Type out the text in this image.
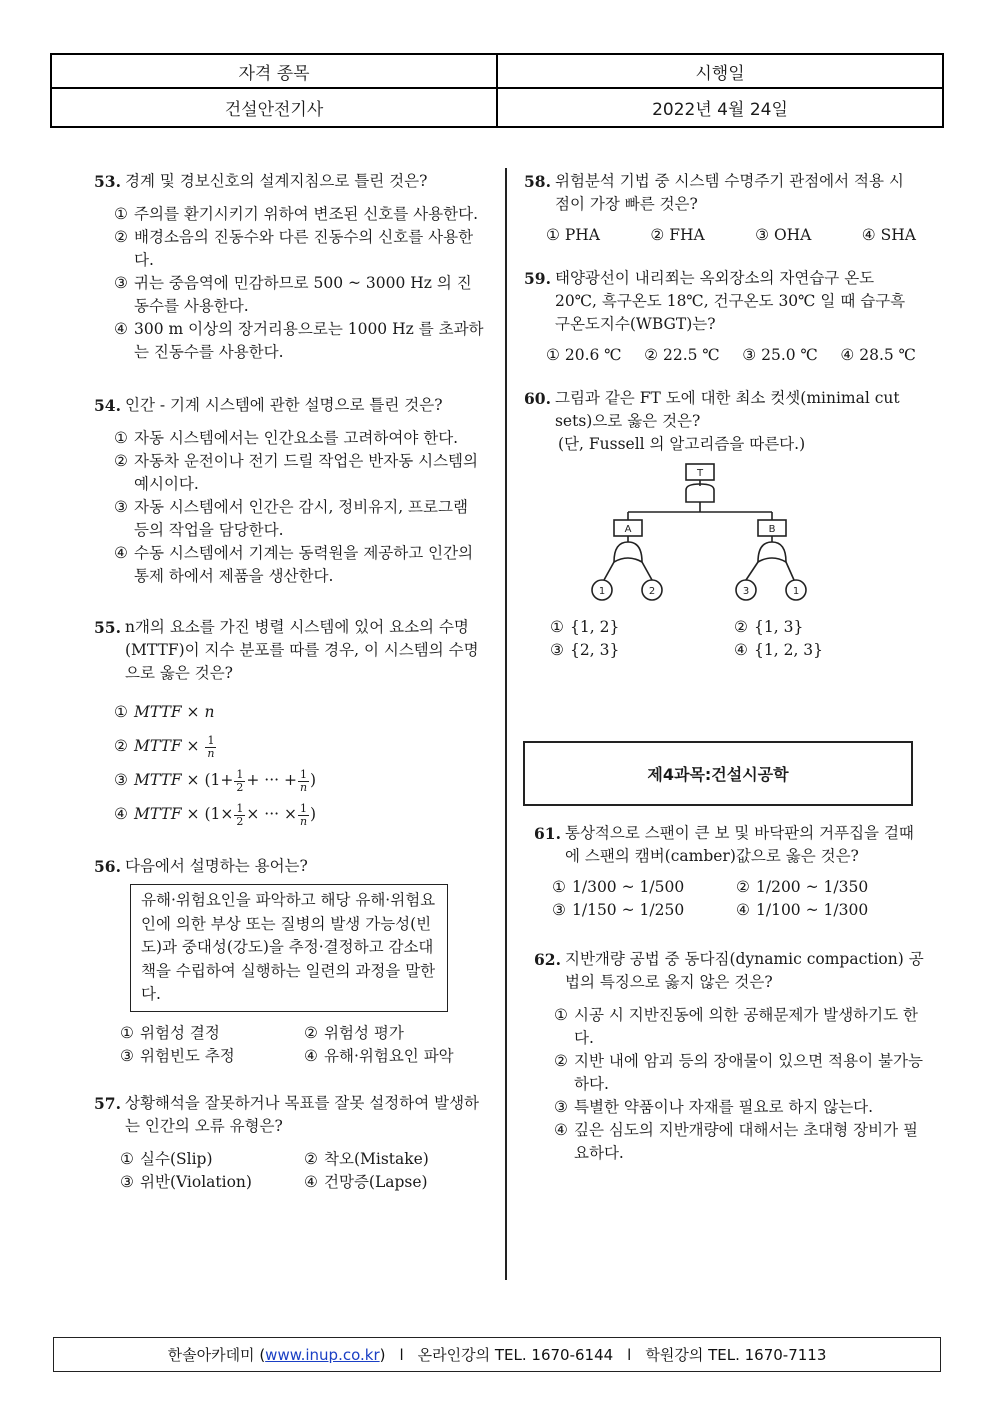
자격 종목	시행일
건설안전기사	2022년 4월 24일
53. 경계 및 경보신호의 설계지침으로 틀린 것은?
① 주의를 환기시키기 위하여 변조된 신호를 사용한다.
② 배경소음의 진동수와 다른 진동수의 신호를 사용한다.
③ 귀는 중음역에 민감하므로 500 ~ 3000 Hz 의 진동수를 사용한다.
④ 300 m 이상의 장거리용으로는 1000 Hz 를 초과하는 진동수를 사용한다.
54. 인간 - 기계 시스템에 관한 설명으로 틀린 것은?
① 자동 시스템에서는 인간요소를 고려하여야 한다.
② 자동차 운전이나 전기 드릴 작업은 반자동 시스템의 예시이다.
③ 자동 시스템에서 인간은 감시, 정비유지, 프로그램 등의 작업을 담당한다.
④ 수동 시스템에서 기계는 동력원을 제공하고 인간의 통제 하에서 제품을 생산한다.
55. n개의 요소를 가진 병렬 시스템에 있어 요소의 수명(MTTF)이 지수 분포를 따를 경우, 이 시스템의 수명으로 옳은 것은?
① MTTF × n
② MTTF × $\frac{1}{n}$
③ MTTF × ($1+ \frac{1}{2}$ + ··· + $\frac{1}{n}$ )
④ MTTF × ($1\times \frac{1}{2}$ × ··· × $\frac{1}{n}$ )
56. 다음에서 설명하는 용어는?
유해·위험요인을 파악하고 해당 유해·위험요인에 의한 부상 또는 질병의 발생 가능성(빈도)과 중대성(강도)을 추정·결정하고 감소대책을 수립하여 실행하는 일련의 과정을 말한다.
① 위험성 결정	② 위험성 평가
③ 위험빈도 추정	④ 유해·위험요인 파악
57. 상황해석을 잘못하거나 목표를 잘못 설정하여 발생하는 인간의 오류 유형은?
① 실수(Slip)	② 착오(Mistake)
③ 위반(Violation)	④ 건망증(Lapse)
58. 위험분석 기법 중 시스템 수명주기 관점에서 적용 시점이 가장 빠른 것은?
① PHA	② FHA	③ OHA	④ SHA
59. 태양광선이 내리쬐는 옥외장소의 자연습구 온도 20℃, 흑구온도 18℃, 건구온도 30℃ 일 때 습구흑구온도지수(WBGT)는?
① 20.6 ℃ ② 22.5 ℃ ③ 25.0 ℃ ④ 28.5 ℃
60. 그림과 같은 FT 도에 대한 최소 컷셋(minimal cut sets)으로 옳은 것은?
(단, Fussell 의 알고리즘을 따른다.)
T
A	B
1	2	3	1
① {1, 2}	② {1, 3}
③ {2, 3}	④ {1, 2, 3}
제4과목:건설시공학
61. 통상적으로 스팬이 큰 보 및 바닥판의 거푸집을 걸때에 스팬의 캠버(camber)값으로 옳은 것은?
① 1/300 ~ 1/500	② 1/200 ~ 1/350
③ 1/150 ~ 1/250	④ 1/100 ~ 1/300
62. 지반개량 공법 중 동다짐(dynamic compaction) 공법의 특징으로 옳지 않은 것은?
① 시공 시 지반진동에 의한 공해문제가 발생하기도 한다.
② 지반 내에 암괴 등의 장애물이 있으면 적용이 불가능하다.
③ 특별한 약품이나 자재를 필요로 하지 않는다.
④ 깊은 심도의 지반개량에 대해서는 초대형 장비가 필요하다.
한솔아카데미 ( www.inup.co.kr ) l 온라인강의 TEL. 1670-6144 l 학원강의 TEL. 1670-7113
